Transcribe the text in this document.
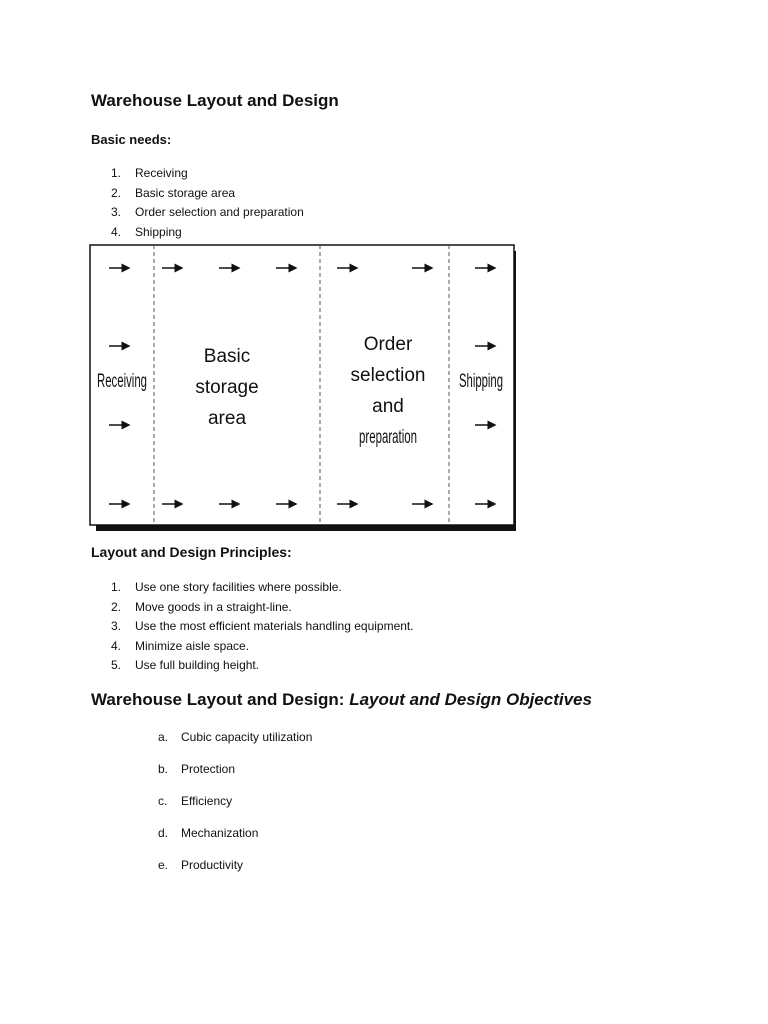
Warehouse Layout and Design
Basic needs:
1.	Receiving
2.	Basic storage area
3.	Order selection and preparation
4.	Shipping
Receiving
Basic
storage
area
Order
selection
and
preparation
Shipping
Layout and Design Principles:
1.	Use one story facilities where possible.
2.	Move goods in a straight-line.
3.	Use the most efficient materials handling equipment.
4.	Minimize aisle space.
5.	Use full building height.
Warehouse Layout and Design: Layout and Design Objectives
a.	Cubic capacity utilization
b.	Protection
c.	Efficiency
d.	Mechanization
e.	Productivity
